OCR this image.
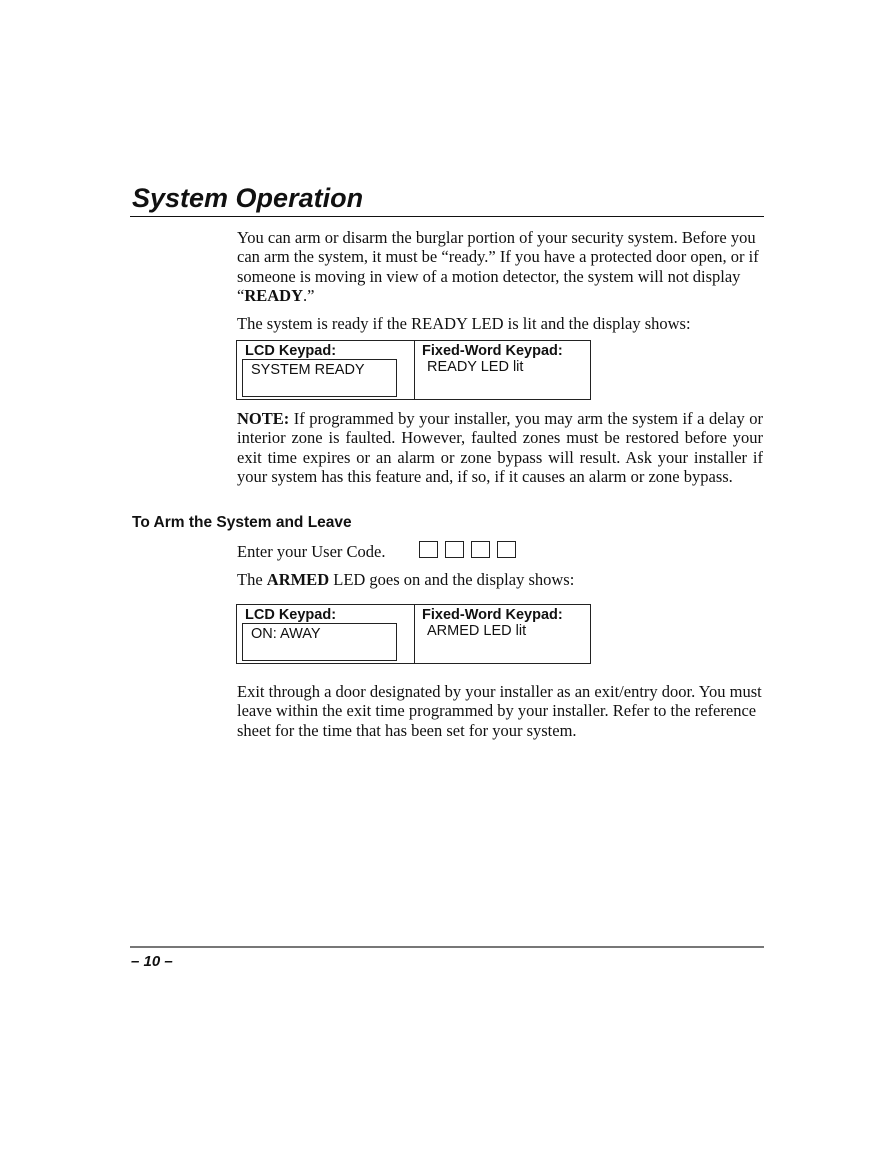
System Operation

You can arm or disarm the burglar portion of your security system. Before you can arm the system, it must be “ready.” If you have a protected door open, or if someone is moving in view of a motion detector, the system will not display “READY.”

The system is ready if the READY LED is lit and the display shows:

LCD Keypad:
SYSTEM READY
Fixed-Word Keypad:
READY LED lit

NOTE: If programmed by your installer, you may arm the system if a delay or interior zone is faulted. However, faulted zones must be restored before your exit time expires or an alarm or zone bypass will result. Ask your installer if your system has this feature and, if so, if it causes an alarm or zone bypass.

To Arm the System and Leave

Enter your User Code.

The ARMED LED goes on and the display shows:

LCD Keypad:
ON: AWAY
Fixed-Word Keypad:
ARMED LED lit

Exit through a door designated by your installer as an exit/entry door. You must leave within the exit time programmed by your installer. Refer to the reference sheet for the time that has been set for your system.

– 10 –
